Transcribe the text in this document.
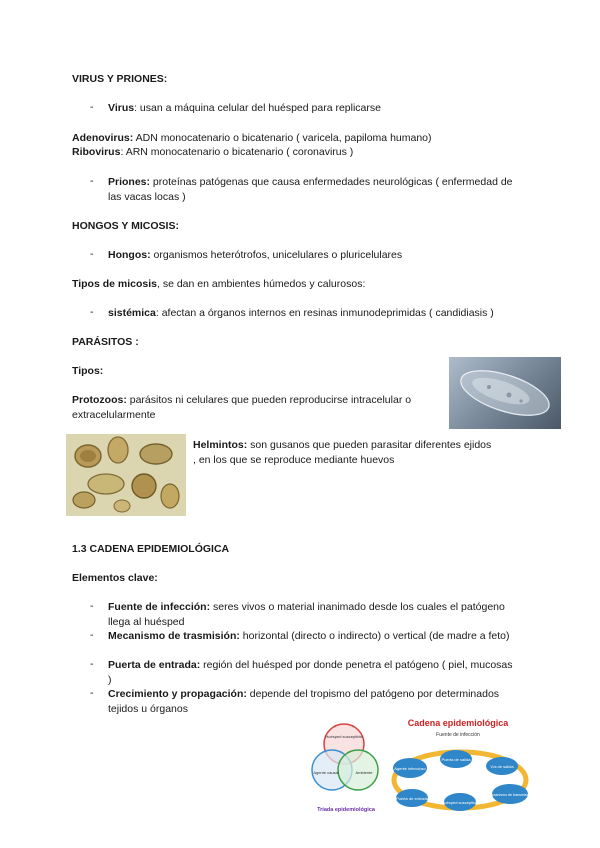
VIRUS Y PRIONES:
- Virus: usan a máquina celular del huésped para replicarse
Adenovirus: ADN monocatenario o bicatenario ( varicela, papiloma humano)
Ribovirus: ARN monocatenario o bicatenario ( coronavirus )
- Priones: proteínas patógenas que causa enfermedades neurológicas ( enfermedad de las vacas locas )
HONGOS Y MICOSIS:
- Hongos: organismos heterótrofos, unicelulares o pluricelulares
Tipos de micosis, se dan en ambientes húmedos y calurosos:
- sistémica: afectan a órganos internos en resinas inmunodeprimidas ( candidiasis )
PARÁSITOS :
Tipos:
Protozoos: parásitos ni celulares que pueden reproducirse intracelular o extracelularmente
Helmintos: son gusanos que pueden parasitar diferentes ejidos , en los que se reproduce mediante huevos
1.3 CADENA EPIDEMIOLÓGICA
Elementos clave:
- Fuente de infección: seres vivos o material inanimado desde los cuales el patógeno llega al huésped
- Mecanismo de trasmisión: horizontal (directo o indirecto) o vertical (de madre a feto)
- Puerta de entrada: región del huésped por donde penetra el patógeno ( piel, mucosas )
- Crecimiento y propagación: depende del tropismo del patógeno por determinados tejidos u órganos
Huésped susceptible
Agente causal	Ambiente
Tríada epidemiológica
Cadena epidemiológica
Fuente de infección
Puerta de salida
Agente infeccioso	Vía de salida
Puerta de entrada
Huésped susceptible
Mecanismo de transmisión
